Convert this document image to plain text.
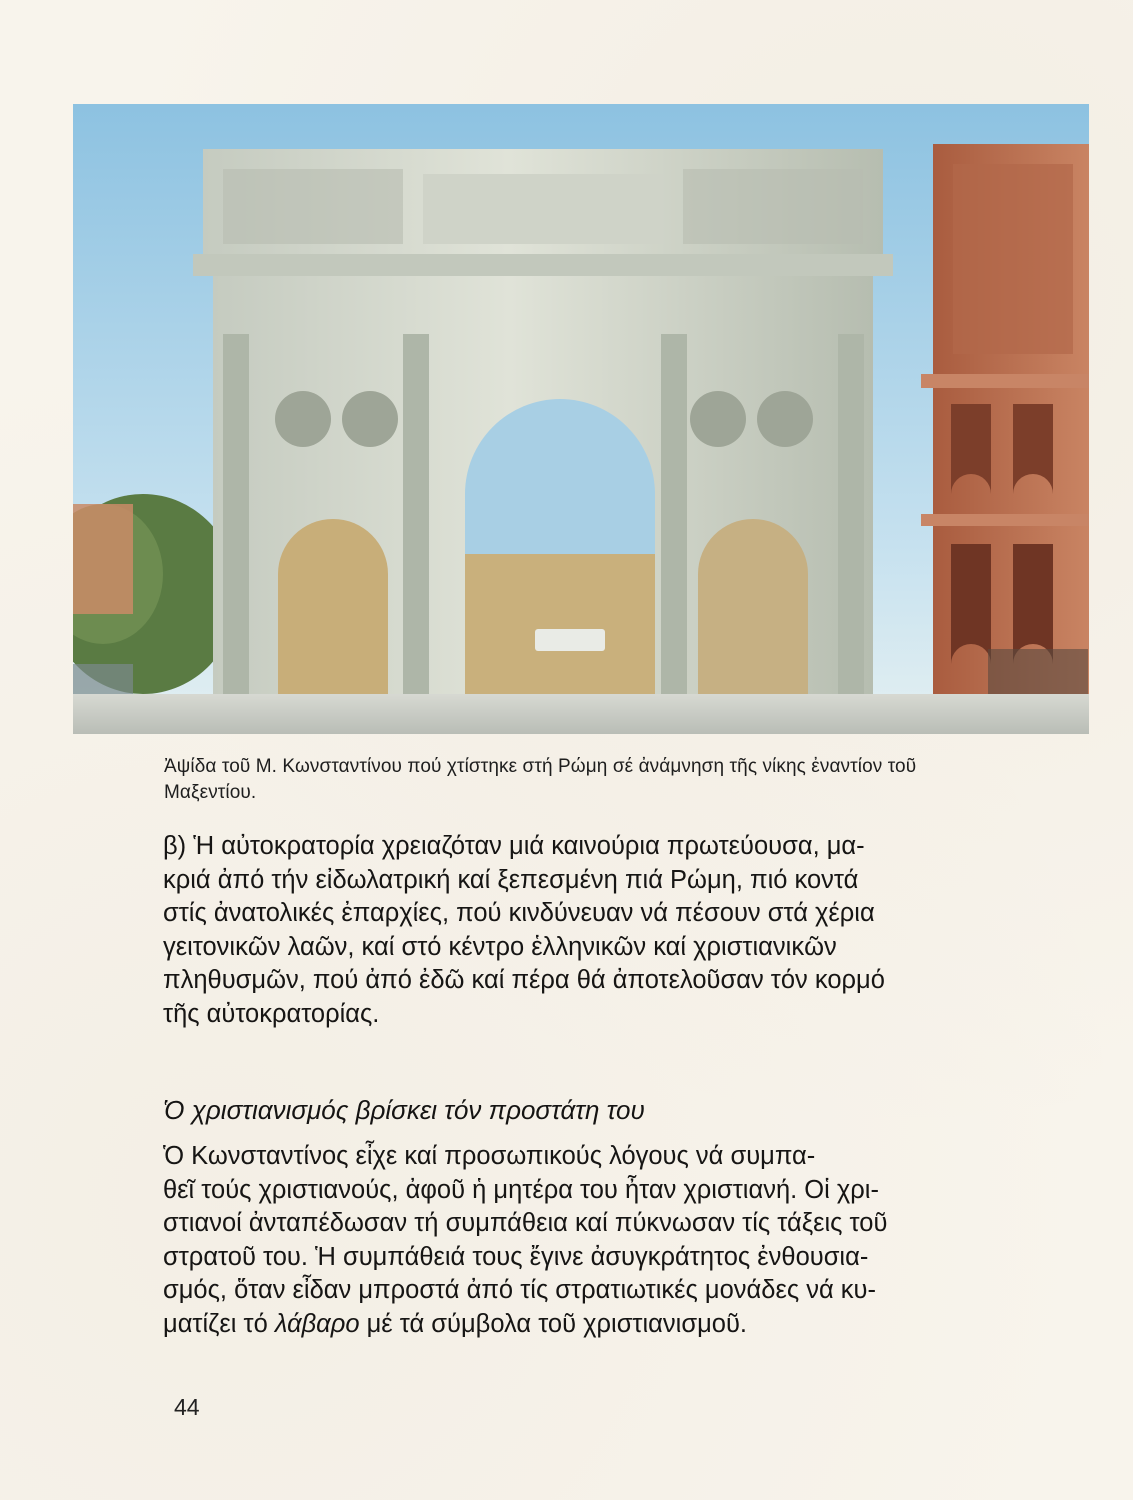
Ἀψίδα τοῦ Μ. Κωνσταντίνου πού χτίστηκε στή Ρώμη σέ ἀνάμνηση τῆς νίκης ἐναντίον τοῦ
Μαξεντίου.
β) Ἡ αὐτοκρατορία χρειαζόταν μιά καινούρια πρωτεύουσα, μα-
κριά ἀπό τήν εἰδωλατρική καί ξεπεσμένη πιά Ρώμη, πιό κοντά
στίς ἀνατολικές ἐπαρχίες, πού κινδύνευαν νά πέσουν στά χέρια
γειτονικῶν λαῶν, καί στό κέντρο ἑλληνικῶν καί χριστιανικῶν
πληθυσμῶν, πού ἀπό ἐδῶ καί πέρα θά ἀποτελοῦσαν τόν κορμό
τῆς αὐτοκρατορίας.
Ὁ χριστιανισμός βρίσκει τόν προστάτη του
Ὁ Κωνσταντίνος εἶχε καί προσωπικούς λόγους νά συμπα-
θεῖ τούς χριστιανούς, ἀφοῦ ἡ μητέρα του ἦταν χριστιανή. Οἱ χρι-
στιανοί ἀνταπέδωσαν τή συμπάθεια καί πύκνωσαν τίς τάξεις τοῦ
στρατοῦ του. Ἡ συμπάθειά τους ἔγινε ἀσυγκράτητος ἐνθουσια-
σμός, ὅταν εἶδαν μπροστά ἀπό τίς στρατιωτικές μονάδες νά κυ-
ματίζει τό λάβαρο μέ τά σύμβολα τοῦ χριστιανισμοῦ.
44
